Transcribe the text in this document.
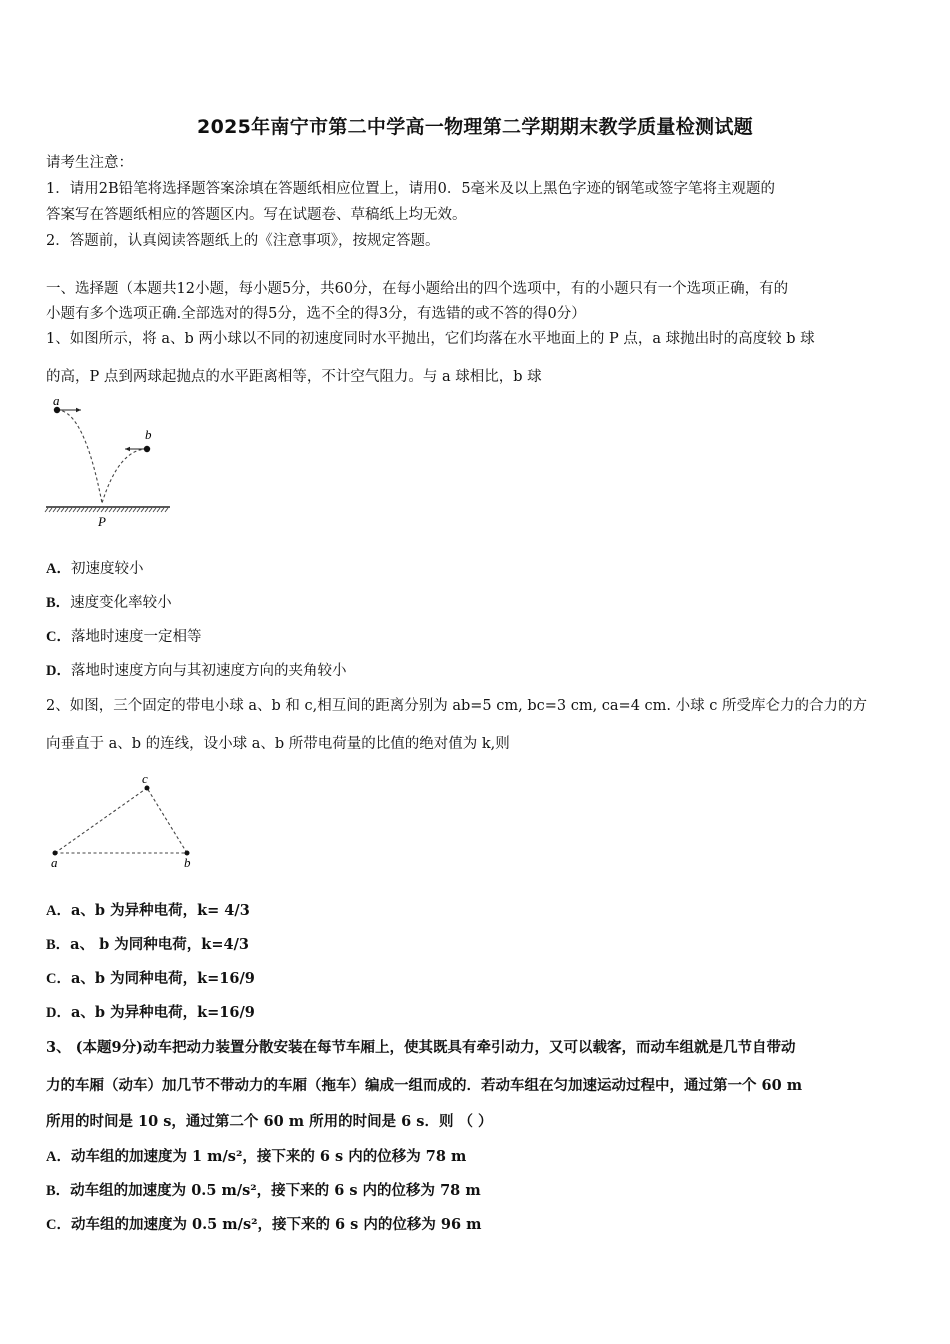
2025年南宁市第二中学高一物理第二学期期末教学质量检测试题
请考生注意：
1．请用2B铅笔将选择题答案涂填在答题纸相应位置上，请用0．5毫米及以上黑色字迹的钢笔或签字笔将主观题的
答案写在答题纸相应的答题区内。写在试题卷、草稿纸上均无效。
2．答题前，认真阅读答题纸上的《注意事项》，按规定答题。
一、选择题（本题共12小题，每小题5分，共60分，在每小题给出的四个选项中，有的小题只有一个选项正确，有的
小题有多个选项正确.全部选对的得5分，选不全的得3分，有选错的或不答的得0分）
1、如图所示，将 a、b 两小球以不同的初速度同时水平抛出，它们均落在水平地面上的 P 点，a 球抛出时的高度较 b 球
的高，P 点到两球起抛点的水平距离相等，不计空气阻力。与 a 球相比，b 球
a
b
P
A．初速度较小
B．速度变化率较小
C．落地时速度一定相等
D．落地时速度方向与其初速度方向的夹角较小
2、如图，三个固定的带电小球 a、b 和 c,相互间的距离分别为 ab=5 cm, bc=3 cm, ca=4 cm. 小球 c 所受库仑力的合力的方
向垂直于 a、b 的连线，设小球 a、b 所带电荷量的比值的绝对值为 k,则
a	b
c
A．a、b 为异种电荷，k= 4/3
B．a、 b 为同种电荷，k=4/3
C．a、b 为同种电荷，k=16/9
D．a、b 为异种电荷，k=16/9
3、 (本题9分)动车把动力装置分散安装在每节车厢上，使其既具有牵引动力，又可以载客，而动车组就是几节自带动
力的车厢（动车）加几节不带动力的车厢（拖车）编成一组而成的．若动车组在匀加速运动过程中，通过第一个 60 m
所用的时间是 10 s，通过第二个 60 m 所用的时间是 6 s．则 （ ）
A．动车组的加速度为 1 m/s²，接下来的 6 s 内的位移为 78 m
B．动车组的加速度为 0.5 m/s²，接下来的 6 s 内的位移为 78 m
C．动车组的加速度为 0.5 m/s²，接下来的 6 s 内的位移为 96 m
